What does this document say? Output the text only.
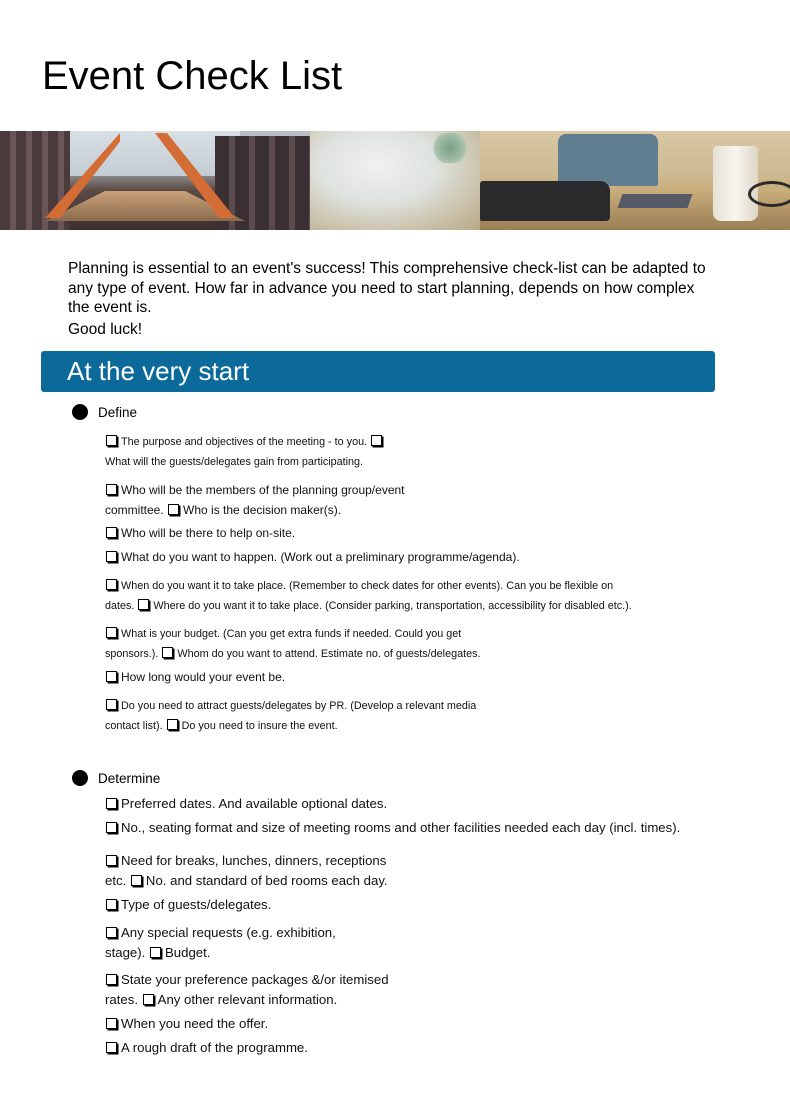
Event Check List

Planning is essential to an event's success! This comprehensive check-list can be adapted to any type of event. How far in advance you need to start planning, depends on how complex the event is.

Good luck!

At the very start
Define
The purpose and objectives of the meeting - to you.
What will the guests/delegates gain from participating.
Who will be the members of the planning group/event
committee. Who is the decision maker(s).
Who will be there to help on-site.
What do you want to happen. (Work out a preliminary programme/agenda).
When do you want it to take place. (Remember to check dates for other events). Can you be flexible on
dates. Where do you want it to take place. (Consider parking, transportation, accessibility for disabled etc.).
What is your budget. (Can you get extra funds if needed. Could you get
sponsors.). Whom do you want to attend. Estimate no. of guests/delegates.
How long would your event be.
Do you need to attract guests/delegates by PR. (Develop a relevant media
contact list). Do you need to insure the event.
Determine
Preferred dates. And available optional dates.
No., seating format and size of meeting rooms and other facilities needed each day (incl. times).
Need for breaks, lunches, dinners, receptions
etc. No. and standard of bed rooms each day.
Type of guests/delegates.
Any special requests (e.g. exhibition,
stage). Budget.
State your preference packages &/or itemised
rates. Any other relevant information.
When you need the offer.
A rough draft of the programme.
